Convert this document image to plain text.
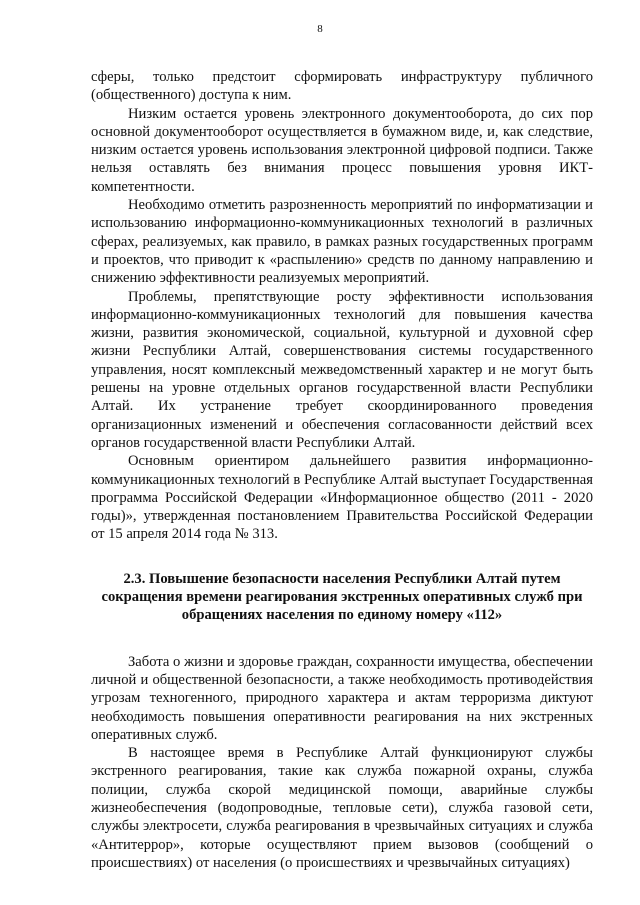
8

сферы, только предстоит сформировать инфраструктуру публичного (общественного) доступа к ним.

Низким остается уровень электронного документооборота, до сих пор основной документооборот осуществляется в бумажном виде, и, как следствие, низким остается уровень использования электронной цифровой подписи. Также нельзя оставлять без внимания процесс повышения уровня ИКТ-компетентности.

Необходимо отметить разрозненность мероприятий по информатизации и использованию информационно-коммуникационных технологий в различных сферах, реализуемых, как правило, в рамках разных государственных программ и проектов, что приводит к «распылению» средств по данному направлению и снижению эффективности реализуемых мероприятий.

Проблемы, препятствующие росту эффективности использования информационно-коммуникационных технологий для повышения качества жизни, развития экономической, социальной, культурной и духовной сфер жизни Республики Алтай, совершенствования системы государственного управления, носят комплексный межведомственный характер и не могут быть решены на уровне отдельных органов государственной власти Республики Алтай. Их устранение требует скоординированного проведения организационных изменений и обеспечения согласованности действий всех органов государственной власти Республики Алтай.

Основным ориентиром дальнейшего развития информационно-коммуникационных технологий в Республике Алтай выступает Государственная программа Российской Федерации «Информационное общество (2011 - 2020 годы)», утвержденная постановлением Правительства Российской Федерации от 15 апреля 2014 года № 313.

2.3. Повышение безопасности населения Республики Алтай путем сокращения времени реагирования экстренных оперативных служб при обращениях населения по единому номеру «112»

Забота о жизни и здоровье граждан, сохранности имущества, обеспечении личной и общественной безопасности, а также необходимость противодействия угрозам техногенного, природного характера и актам терроризма диктуют необходимость повышения оперативности реагирования на них экстренных оперативных служб.

В настоящее время в Республике Алтай функционируют службы экстренного реагирования, такие как служба пожарной охраны, служба полиции, служба скорой медицинской помощи, аварийные службы жизнеобеспечения (водопроводные, тепловые сети), служба газовой сети, службы электросети, служба реагирования в чрезвычайных ситуациях и служба «Антитеррор», которые осуществляют прием вызовов (сообщений о происшествиях) от населения (о происшествиях и чрезвычайных ситуациях)
